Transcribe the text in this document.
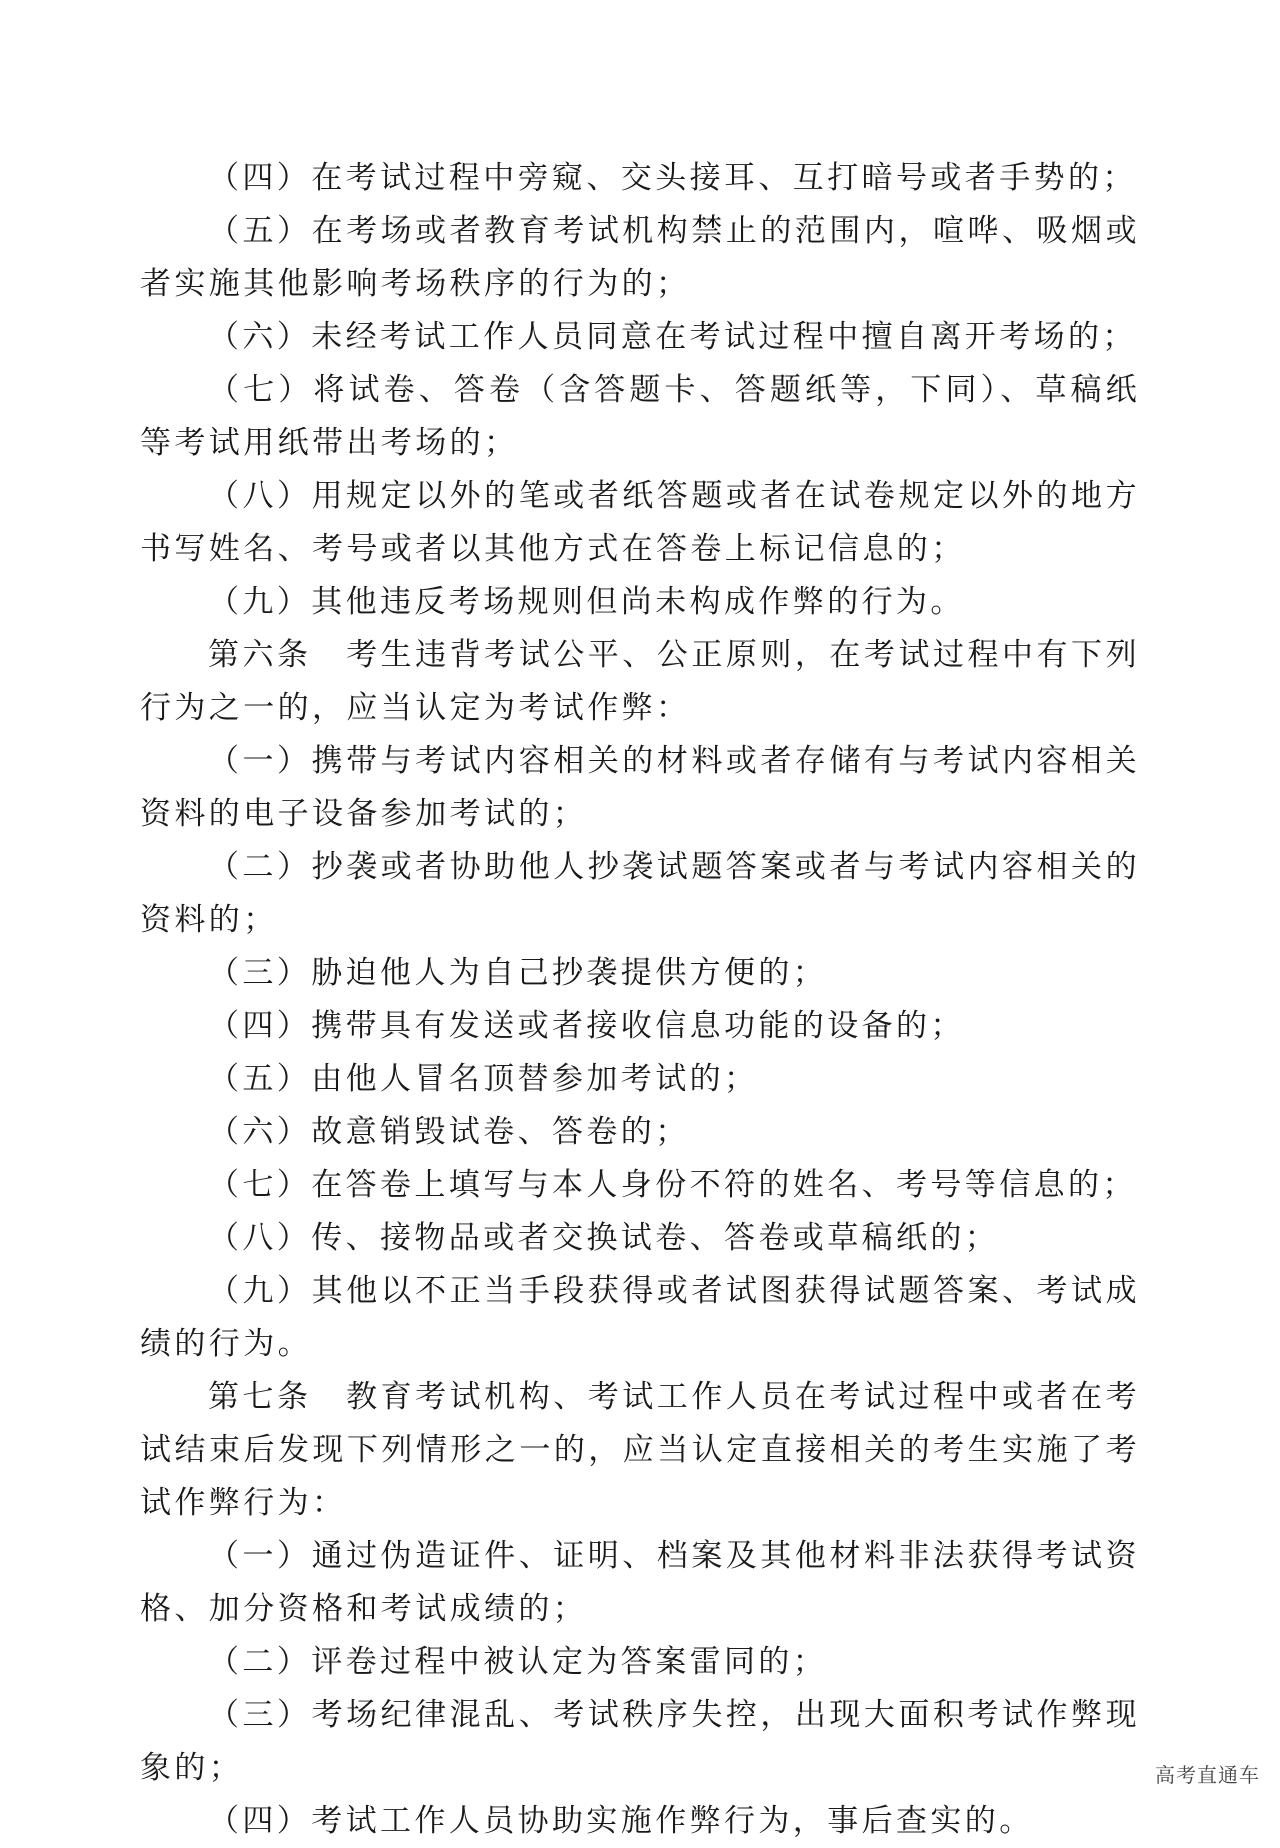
（四）在考试过程中旁窥、交头接耳、互打暗号或者手势的；

（五）在考场或者教育考试机构禁止的范围内，喧哗、吸烟或者实施其他影响考场秩序的行为的；

（六）未经考试工作人员同意在考试过程中擅自离开考场的；

（七）将试卷、答卷（含答题卡、答题纸等，下同）、草稿纸等考试用纸带出考场的；

（八）用规定以外的笔或者纸答题或者在试卷规定以外的地方书写姓名、考号或者以其他方式在答卷上标记信息的；

（九）其他违反考场规则但尚未构成作弊的行为。

第六条　考生违背考试公平、公正原则，在考试过程中有下列行为之一的，应当认定为考试作弊：

（一）携带与考试内容相关的材料或者存储有与考试内容相关资料的电子设备参加考试的；

（二）抄袭或者协助他人抄袭试题答案或者与考试内容相关的资料的；

（三）胁迫他人为自己抄袭提供方便的；

（四）携带具有发送或者接收信息功能的设备的；

（五）由他人冒名顶替参加考试的；

（六）故意销毁试卷、答卷的；

（七）在答卷上填写与本人身份不符的姓名、考号等信息的；

（八）传、接物品或者交换试卷、答卷或草稿纸的；

（九）其他以不正当手段获得或者试图获得试题答案、考试成绩的行为。

第七条　教育考试机构、考试工作人员在考试过程中或者在考试结束后发现下列情形之一的，应当认定直接相关的考生实施了考试作弊行为：

（一）通过伪造证件、证明、档案及其他材料非法获得考试资格、加分资格和考试成绩的；

（二）评卷过程中被认定为答案雷同的；

（三）考场纪律混乱、考试秩序失控，出现大面积考试作弊现象的；

（四）考试工作人员协助实施作弊行为，事后查实的。

高考直通车
